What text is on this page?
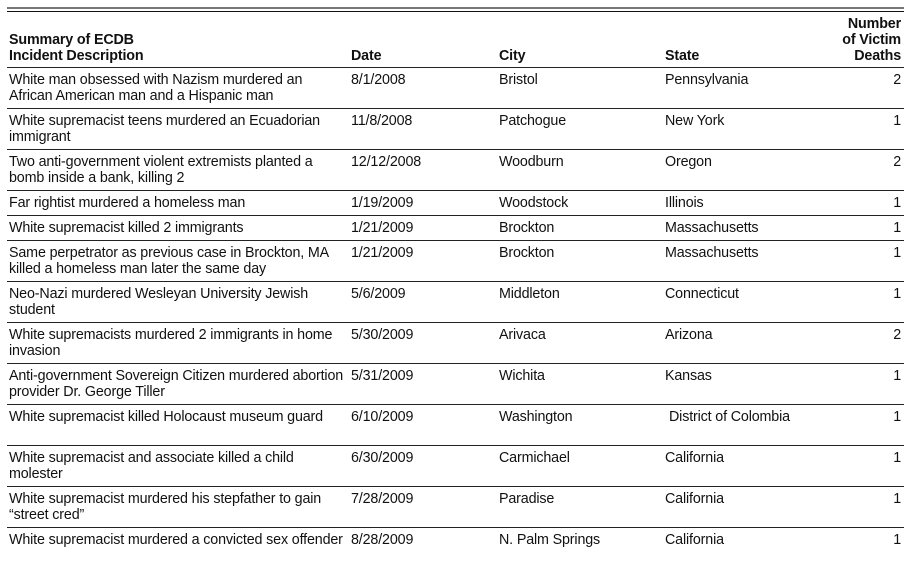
Summary of ECDB
Incident Description	Date	City	State	Number
of Victim
Deaths
White man obsessed with Nazism murdered an African American man and a Hispanic man	8/1/2008	Bristol	Pennsylvania	2
White supremacist teens murdered an Ecuadorian immigrant	11/8/2008	Patchogue	New York	1
Two anti-government violent extremists planted a bomb inside a bank, killing 2	12/12/2008	Woodburn	Oregon	2
Far rightist murdered a homeless man	1/19/2009	Woodstock	Illinois	1
White supremacist killed 2 immigrants	1/21/2009	Brockton	Massachusetts	1
Same perpetrator as previous case in Brockton, MA killed a homeless man later the same day	1/21/2009	Brockton	Massachusetts	1
Neo-Nazi murdered Wesleyan University Jewish student	5/6/2009	Middleton	Connecticut	1
White supremacists murdered 2 immigrants in home invasion	5/30/2009	Arivaca	Arizona	2
Anti-government Sovereign Citizen murdered abortion provider Dr. George Tiller	5/31/2009	Wichita	Kansas	1
White supremacist killed Holocaust museum guard	6/10/2009	Washington	District of Colombia	1
White supremacist and associate killed a child molester	6/30/2009	Carmichael	California	1
White supremacist murdered his stepfather to gain “street cred”	7/28/2009	Paradise	California	1
White supremacist murdered a convicted sex offender	8/28/2009	N. Palm Springs	California	1
